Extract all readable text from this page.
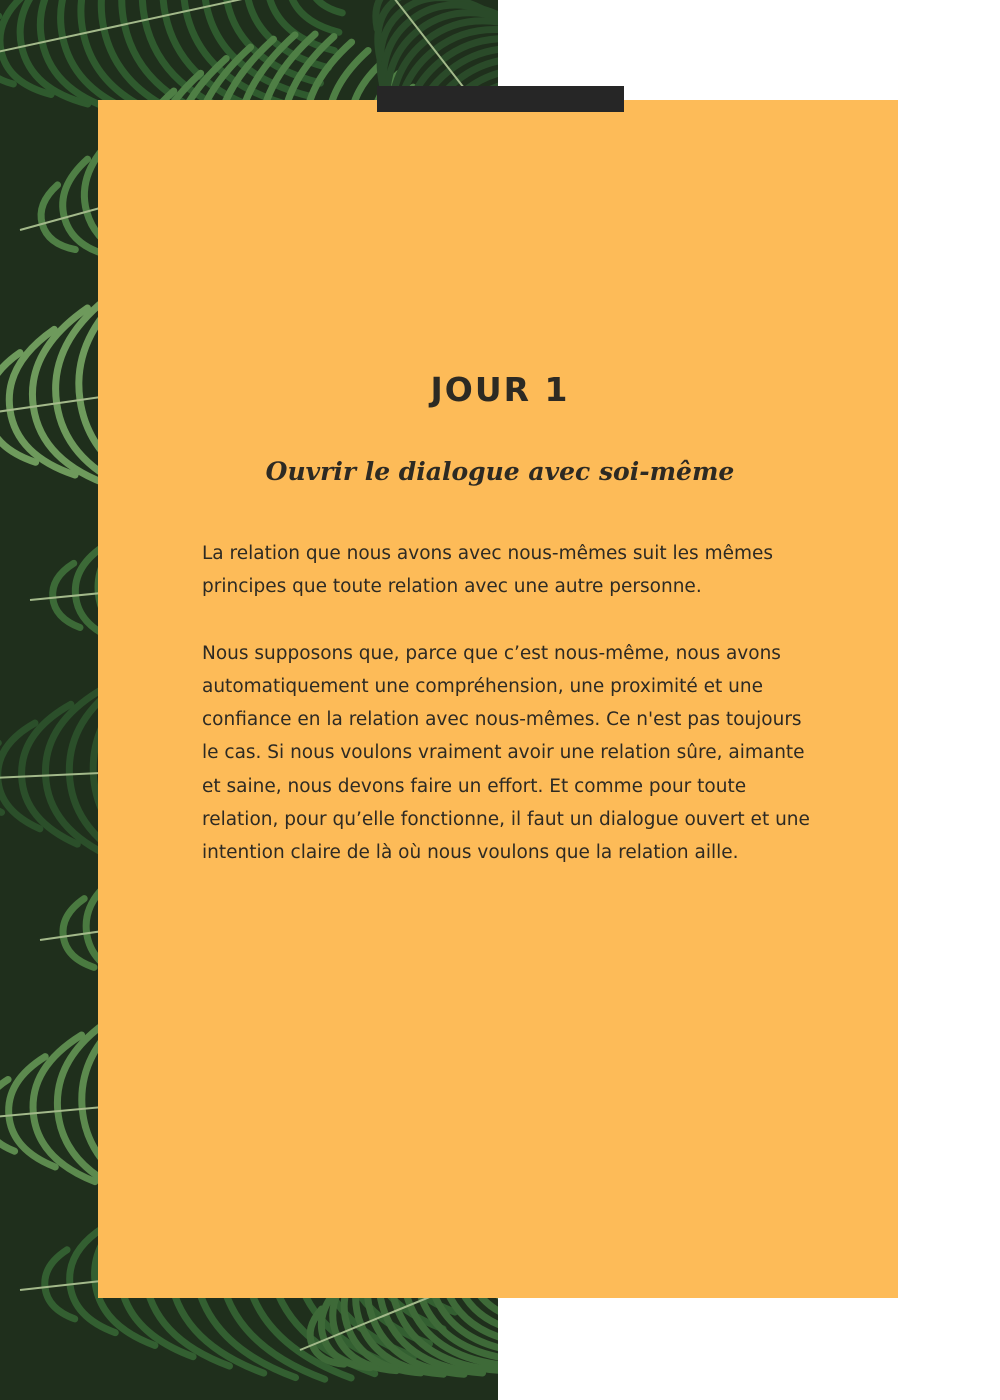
JOUR 1
Ouvrir le dialogue avec soi-même

La relation que nous avons avec nous-mêmes suit les mêmes principes que toute relation avec une autre personne.

Nous supposons que, parce que c’est nous-même, nous avons automatiquement une compréhension, une proximité et une confiance en la relation avec nous-mêmes. Ce n'est pas toujours le cas. Si nous voulons vraiment avoir une relation sûre, aimante et saine, nous devons faire un effort. Et comme pour toute relation, pour qu’elle fonctionne, il faut un dialogue ouvert et une intention claire de là où nous voulons que la relation aille.
